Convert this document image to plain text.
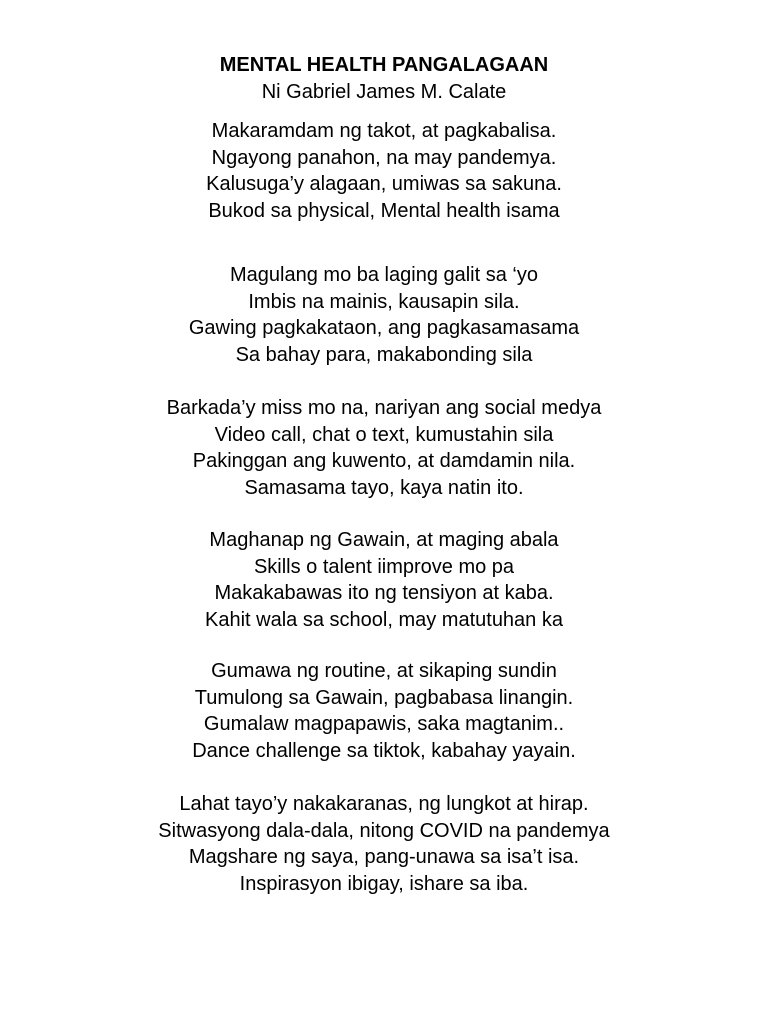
MENTAL HEALTH PANGALAGAAN
Ni Gabriel James M. Calate
Makaramdam ng takot, at pagkabalisa.
Ngayong panahon, na may pandemya.
Kalusuga’y alagaan, umiwas sa sakuna.
Bukod sa physical, Mental health isama
Magulang mo ba laging galit sa ‘yo
Imbis na mainis, kausapin sila.
Gawing pagkakataon, ang pagkasamasama
Sa bahay para, makabonding sila
Barkada’y miss mo na, nariyan ang social medya
Video call, chat o text, kumustahin sila
Pakinggan ang kuwento, at damdamin nila.
Samasama tayo, kaya natin ito.
Maghanap ng Gawain, at maging abala
Skills o talent iimprove mo pa
Makakabawas ito ng tensiyon at kaba.
Kahit wala sa school, may matutuhan ka
Gumawa ng routine, at sikaping sundin
Tumulong sa Gawain, pagbabasa linangin.
Gumalaw magpapawis, saka magtanim..
Dance challenge sa tiktok, kabahay yayain.
Lahat tayo’y nakakaranas, ng lungkot at hirap.
Sitwasyong dala-dala, nitong COVID na pandemya
Magshare ng saya, pang-unawa sa isa’t isa.
Inspirasyon ibigay, ishare sa iba.
